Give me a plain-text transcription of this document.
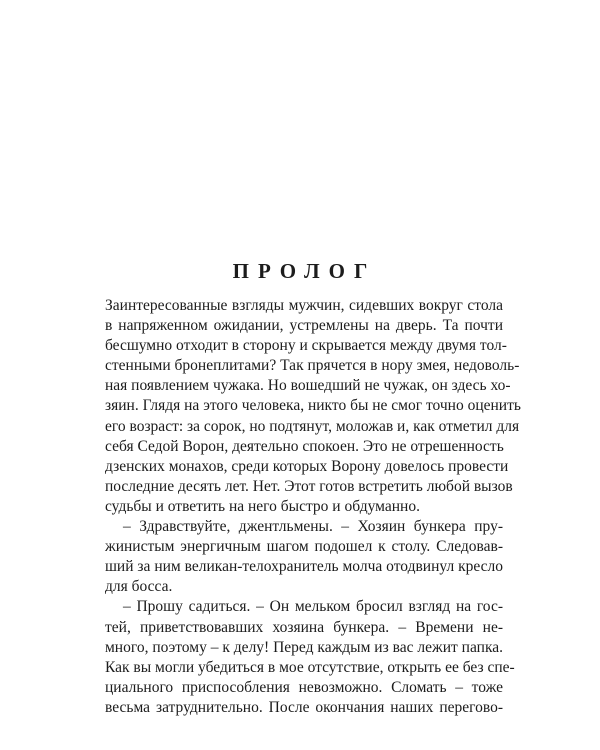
ПРОЛОГ
Заинтересованные взгляды мужчин, сидевших вокруг стола
в напряженном ожидании, устремлены на дверь. Та почти
бесшумно отходит в сторону и скрывается между двумя тол-
стенными бронеплитами? Так прячется в нору змея, недоволь-
ная появлением чужака. Но вошедший не чужак, он здесь хо-
зяин. Глядя на этого человека, никто бы не смог точно оценить
его возраст: за сорок, но подтянут, моложав и, как отметил для
себя Седой Ворон, деятельно спокоен. Это не отрешенность
дзенских монахов, среди которых Ворону довелось провести
последние десять лет. Нет. Этот готов встретить любой вызов
судьбы и ответить на него быстро и обдуманно.
– Здравствуйте, джентльмены. – Хозяин бункера пру-
жинистым энергичным шагом подошел к столу. Следовав-
ший за ним великан-телохранитель молча отодвинул кресло
для босса.
– Прошу садиться. – Он мельком бросил взгляд на гос-
тей, приветствовавших хозяина бункера. – Времени не-
много, поэтому – к делу! Перед каждым из вас лежит папка.
Как вы могли убедиться в мое отсутствие, открыть ее без спе-
циального приспособления невозможно. Сломать – тоже
весьма затруднительно. После окончания наших перегово-
